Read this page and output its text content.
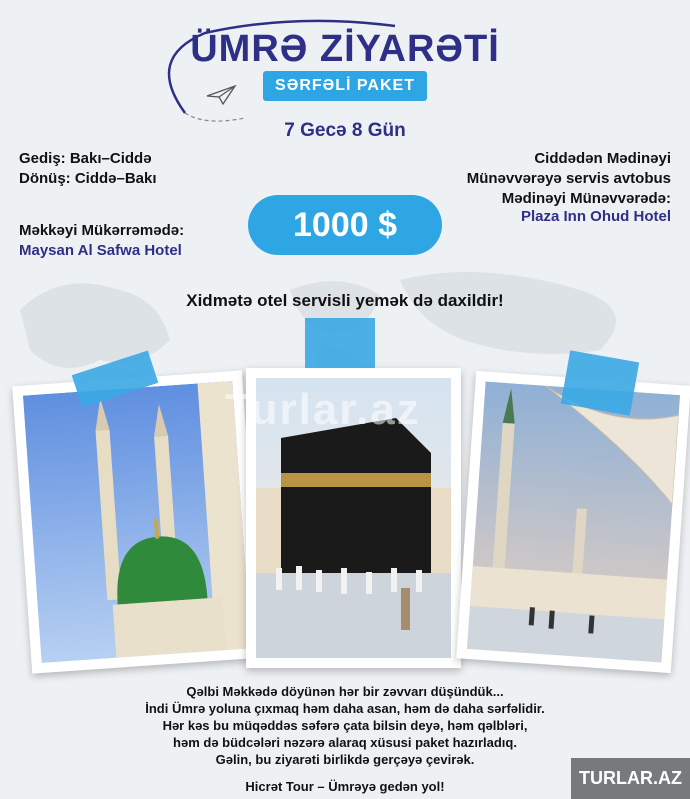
ÜMRƏ ZİYARƏTİ
SƏRFƏLİ PAKET
7 Gecə 8 Gün
Gediş: Bakı–Ciddə
Dönüş: Ciddə–Bakı
Ciddədən Mədinəyi
Münəvvərəyə servis avtobus
Məkkəyi Mükərrəmədə:
Maysan Al Safwa Hotel
Mədinəyi Münəvvərədə:
Plaza Inn Ohud Hotel
1000 $
Xidmətə otel servisli yemək də daxildir!
Turlar.az
Qəlbi Məkkədə döyünən hər bir zəvvarı düşündük...
İndi Ümrə yoluna çıxmaq həm daha asan, həm də daha sərfəlidir.
Hər kəs bu müqəddəs səfərə çata bilsin deyə, həm qəlbləri,
həm də büdcələri nəzərə alaraq xüsusi paket hazırladıq.
Gəlin, bu ziyarəti birlikdə gerçəyə çevirək.
Hicrət Tour – Ümrəyə gedən yol!	TURLAR.AZ
